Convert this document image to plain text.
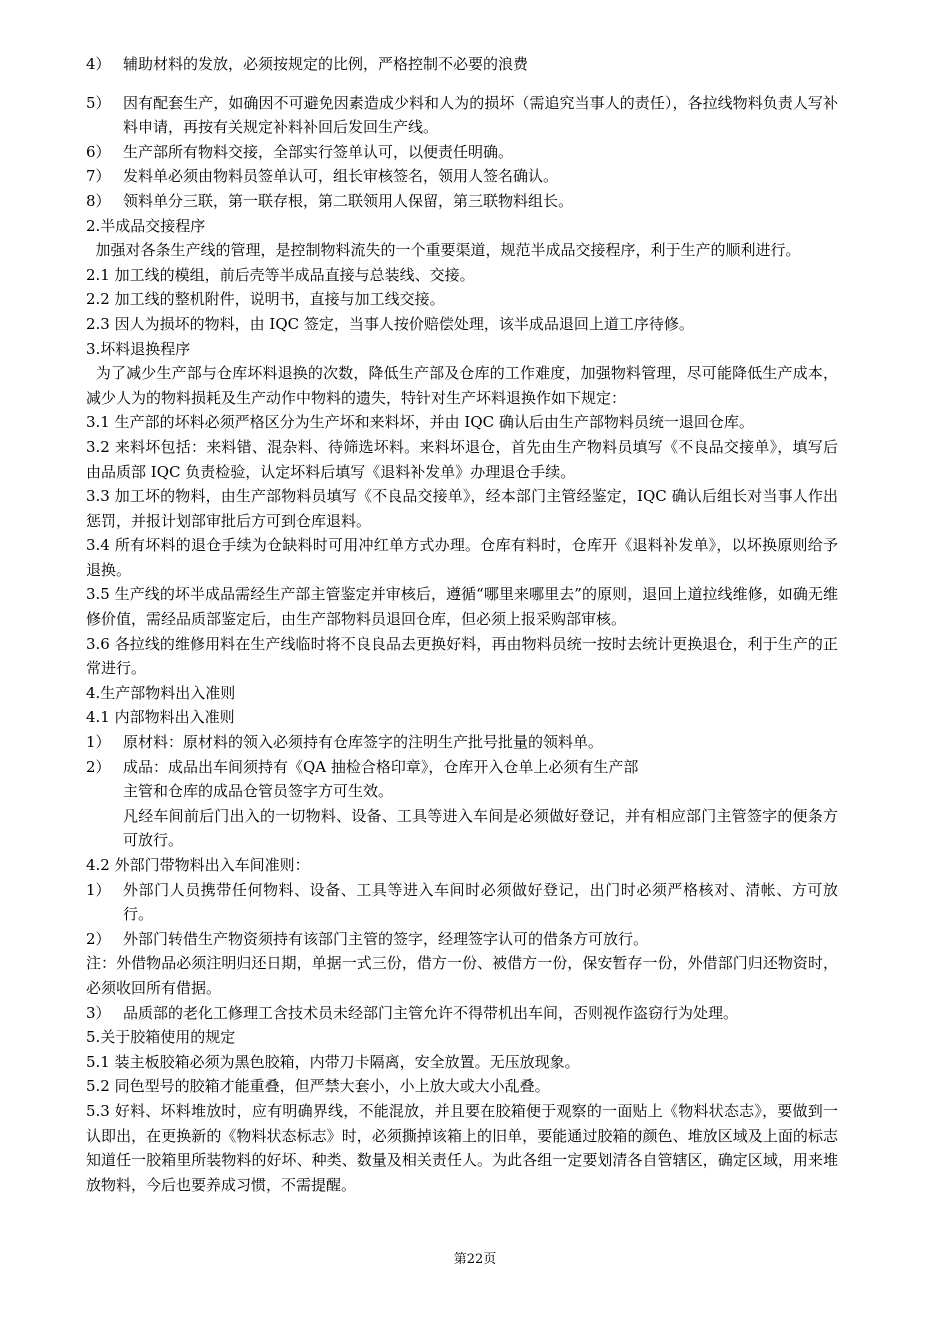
4） 辅助材料的发放，必须按规定的比例，严格控制不必要的浪费
5） 因有配套生产，如确因不可避免因素造成少料和人为的损坏（需追究当事人的责任），各拉线物料负责人写补料申请，再按有关规定补料补回后发回生产线。
6） 生产部所有物料交接，全部实行签单认可，以便责任明确。
7） 发料单必须由物料员签单认可，组长审核签名，领用人签名确认。
8） 领料单分三联，第一联存根，第二联领用人保留，第三联物料组长。

2.半成品交接程序

加强对各条生产线的管理，是控制物料流失的一个重要渠道，规范半成品交接程序，利于生产的顺利进行。

2.1 加工线的模组，前后壳等半成品直接与总装线、交接。

2.2 加工线的整机附件，说明书，直接与加工线交接。

2.3 因人为损坏的物料，由 IQC 签定，当事人按价赔偿处理，该半成品退回上道工序待修。

3.坏料退换程序

为了减少生产部与仓库坏料退换的次数，降低生产部及仓库的工作难度，加强物料管理，尽可能降低生产成本，减少人为的物料损耗及生产动作中物料的遗失，特针对生产坏料退换作如下规定：

3.1 生产部的坏料必须严格区分为生产坏和来料坏，并由 IQC 确认后由生产部物料员统一退回仓库。

3.2 来料坏包括：来料错、混杂料、待筛选坏料。来料坏退仓，首先由生产物料员填写《不良品交接单》，填写后由品质部 IQC 负责检验，认定坏料后填写《退料补发单》办理退仓手续。

3.3 加工坏的物料，由生产部物料员填写《不良品交接单》，经本部门主管经鉴定，IQC 确认后组长对当事人作出惩罚，并报计划部审批后方可到仓库退料。

3.4 所有坏料的退仓手续为仓缺料时可用冲红单方式办理。仓库有料时，仓库开《退料补发单》，以坏换原则给予退换。

3.5 生产线的坏半成品需经生产部主管鉴定并审核后，遵循“哪里来哪里去”的原则，退回上道拉线维修，如确无维修价值，需经品质部鉴定后，由生产部物料员退回仓库，但必须上报采购部审核。

3.6 各拉线的维修用料在生产线临时将不良良品去更换好料，再由物料员统一按时去统计更换退仓，利于生产的正常进行。

4.生产部物料出入准则

4.1 内部物料出入准则

1） 原材料：原材料的领入必须持有仓库签字的注明生产批号批量的领料单。
2） 成品：成品出车间须持有《QA 抽检合格印章》，仓库开入仓单上必须有生产部

主管和仓库的成品仓管员签字方可生效。

凡经车间前后门出入的一切物料、设备、工具等进入车间是必须做好登记，并有相应部门主管签字的便条方可放行。

4.2 外部门带物料出入车间准则：

1） 外部门人员携带任何物料、设备、工具等进入车间时必须做好登记，出门时必须严格核对、清帐、方可放行。
2） 外部门转借生产物资须持有该部门主管的签字，经理签字认可的借条方可放行。

注：外借物品必须注明归还日期，单据一式三份，借方一份、被借方一份，保安暂存一份，外借部门归还物资时，必须收回所有借据。

3） 品质部的老化工修理工含技术员未经部门主管允许不得带机出车间，否则视作盗窃行为处理。

5.关于胶箱使用的规定

5.1 装主板胶箱必须为黑色胶箱，内带刀卡隔离，安全放置。无压放现象。

5.2 同色型号的胶箱才能重叠，但严禁大套小，小上放大或大小乱叠。

5.3 好料、坏料堆放时，应有明确界线，不能混放，并且要在胶箱便于观察的一面贴上《物料状态志》，要做到一认即出，在更换新的《物料状态标志》时，必须撕掉该箱上的旧单，要能通过胶箱的颜色、堆放区域及上面的标志知道任一胶箱里所装物料的好坏、种类、数量及相关责任人。为此各组一定要划清各自管辖区，确定区域，用来堆放物料，今后也要养成习惯，不需提醒。

第22页
